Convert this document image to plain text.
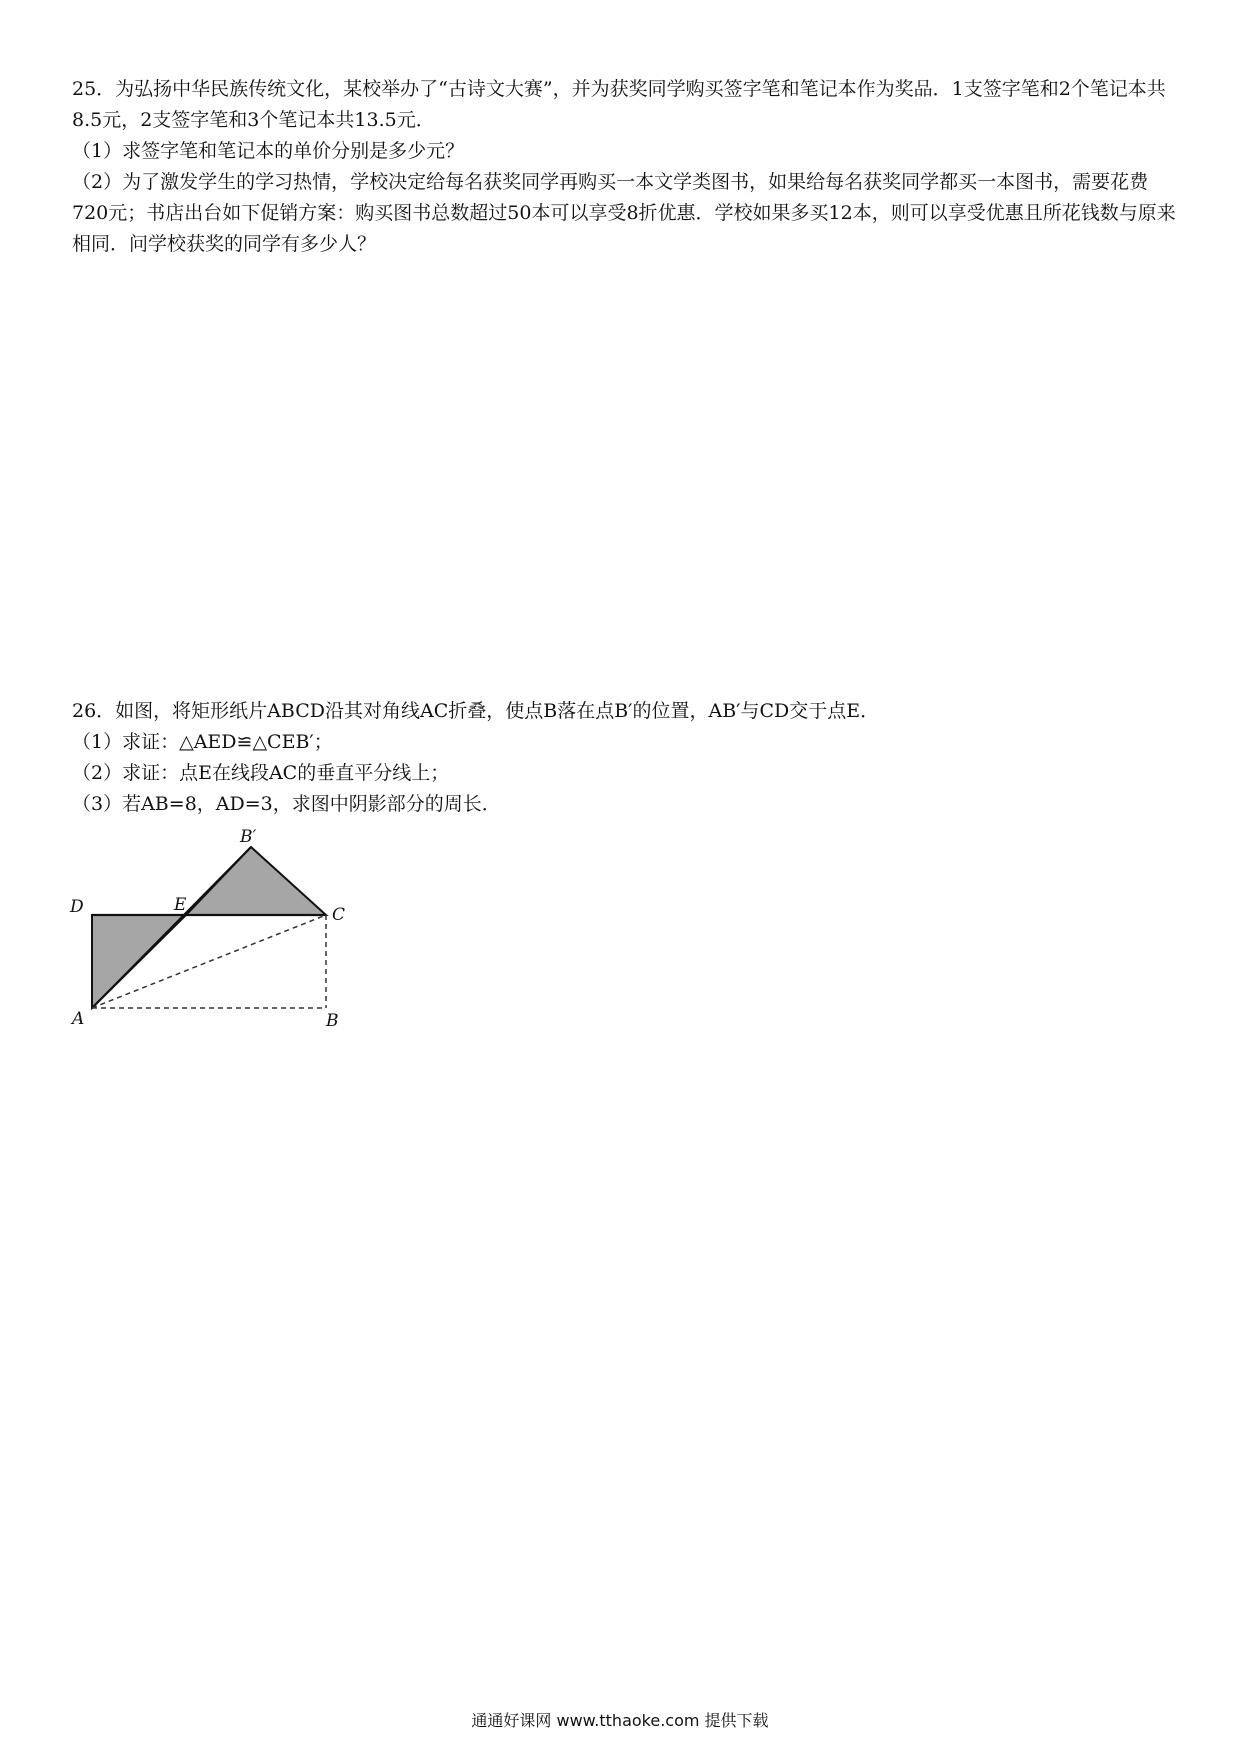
25．为弘扬中华民族传统文化，某校举办了“古诗文大赛”，并为获奖同学购买签字笔和笔记本作为奖品．1支签字笔和2个笔记本共8.5元，2支签字笔和3个笔记本共13.5元．

（1）求签字笔和笔记本的单价分别是多少元？

（2）为了激发学生的学习热情，学校决定给每名获奖同学再购买一本文学类图书，如果给每名获奖同学都买一本图书，需要花费720元；书店出台如下促销方案：购买图书总数超过50本可以享受8折优惠．学校如果多买12本，则可以享受优惠且所花钱数与原来相同．问学校获奖的同学有多少人？

26．如图，将矩形纸片ABCD沿其对角线AC折叠，使点B落在点B′的位置，AB′与CD交于点E．

（1）求证：△AED≌△CEB′；

（2）求证：点E在线段AC的垂直平分线上；

（3）若AB=8，AD=3，求图中阴影部分的周长．

B′
D	E	C
A	B
通通好课网 www.tthaoke.com 提供下载
